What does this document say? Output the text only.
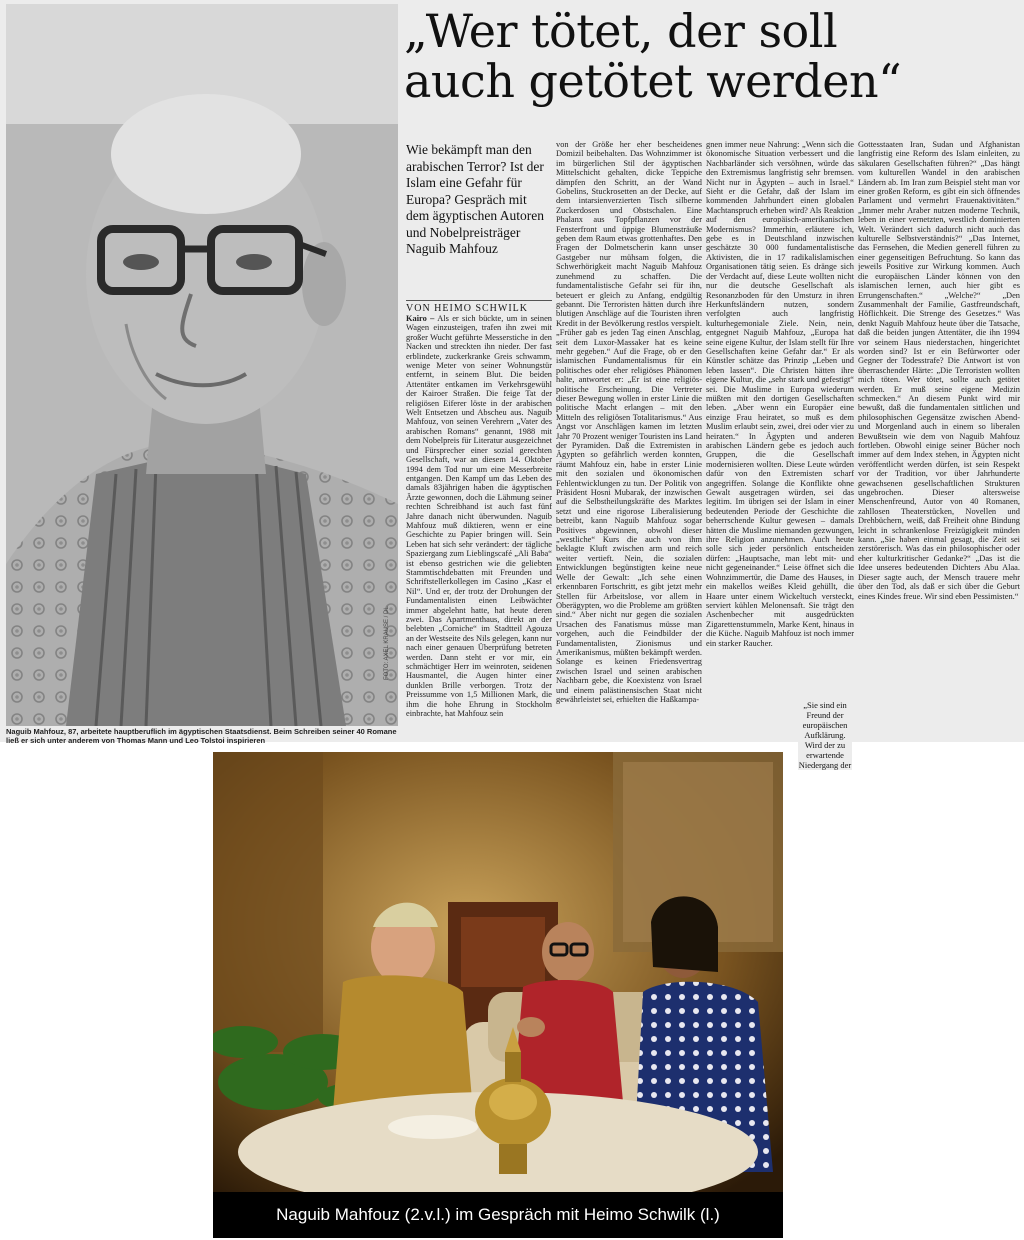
FOTO: AXEL KRAUSE / DL
Naguib Mahfouz, 87, arbeitete hauptberuflich im ägyptischen Staatsdienst. Beim Schreiben seiner 40 Romane ließ er sich unter anderem von Thomas Mann und Leo Tolstoi inspirieren
„Wer tötet, der soll
auch getötet werden“
Wie bekämpft man den arabischen Terror? Ist der Islam eine Gefahr für Europa? Gespräch mit dem ägyptischen Autoren und Nobelpreisträger Naguib Mahfouz
VON HEIMO SCHWILK
Kairo – Als er sich bückte, um in seinen Wagen einzusteigen, trafen ihn zwei mit großer Wucht geführte Messerstiche in den Nacken und streckten ihn nieder. Der fast erblindete, zuckerkranke Greis schwamm, wenige Meter von seiner Wohnungstür entfernt, in seinem Blut. Die beiden Attentäter entkamen im Verkehrsgewühl der Kairoer Straßen. Die feige Tat der religiösen Eiferer löste in der arabischen Welt Entsetzen und Abscheu aus. Naguib Mahfouz, von seinen Verehrern „Vater des arabischen Romans“ genannt, 1988 mit dem Nobelpreis für Literatur ausgezeichnet und Fürsprecher einer sozial gerechten Gesellschaft, war an diesem 14. Oktober 1994 dem Tod nur um eine Messerbreite entgangen. Den Kampf um das Leben des damals 83jährigen haben die ägyptischen Ärzte gewonnen, doch die Lähmung seiner rechten Schreibhand ist auch fast fünf Jahre danach nicht überwunden. Naguib Mahfouz muß diktieren, wenn er eine Geschichte zu Papier bringen will. Sein Leben hat sich sehr verändert: der tägliche Spaziergang zum Lieblingscafé „Ali Baba“ ist ebenso gestrichen wie die geliebten Stammtischdebatten mit Freunden und Schriftstellerkollegen im Casino „Kasr el Nil“. Und er, der trotz der Drohungen der Fundamentalisten einen Leibwächter immer abgelehnt hatte, hat heute deren zwei. Das Apartmenthaus, direkt an der belebten „Corniche“ im Stadtteil Agouza an der Westseite des Nils gelegen, kann nur nach einer genauen Überprüfung betreten werden. Dann steht er vor mir, ein schmächtiger Herr im weinroten, seidenen Hausmantel, die Augen hinter einer dunklen Brille verborgen. Trotz der Preissumme von 1,5 Millionen Mark, die ihm die hohe Ehrung in Stockholm einbrachte, hat Mahfouz sein
von der Größe her eher bescheidenes Domizil beibehalten. Das Wohnzimmer ist im bürgerlichen Stil der ägyptischen Mittelschicht gehalten, dicke Teppiche dämpfen den Schritt, an der Wand Gobelins, Stuckrosetten an der Decke, auf dem intarsienverzierten Tisch silberne Zuckerdosen und Obstschalen. Eine Phalanx aus Topfpflanzen vor der Fensterfront und üppige Blumensträuße geben dem Raum etwas grottenhaftes. Den Fragen der Dolmetscherin kann unser Gastgeber nur mühsam folgen, die Schwerhörigkeit macht Naguib Mahfouz zunehmend zu schaffen. Die fundamentalistische Gefahr sei für ihn, beteuert er gleich zu Anfang, endgültig gebannt. Die Terroristen hätten durch ihre blutigen Anschläge auf die Touristen ihren Kredit in der Bevölkerung restlos verspielt. „Früher gab es jeden Tag einen Anschlag, seit dem Luxor-Massaker hat es keine mehr gegeben.“ Auf die Frage, ob er den islamischen Fundamentalismus für ein politisches oder eher religiöses Phänomen halte, antwortet er: „Er ist eine religiös-politische Erscheinung. Die Vertreter dieser Bewegung wollen in erster Linie die politische Macht erlangen – mit den Mitteln des religiösen Totalitarismus.“ Aus Angst vor Anschlägen kamen im letzten Jahr 70 Prozent weniger Touristen ins Land der Pyramiden. Daß die Extremisten in Ägypten so gefährlich werden konnten, räumt Mahfouz ein, habe in erster Linie mit den sozialen und ökonomischen Fehlentwicklungen zu tun. Der Politik von Präsident Hosni Mubarak, der inzwischen auf die Selbstheilungskräfte des Marktes setzt und eine rigorose Liberalisierung betreibt, kann Naguib Mahfouz sogar Positives abgewinnen, obwohl dieser „westliche“ Kurs die auch von ihm beklagte Kluft zwischen arm und reich weiter vertieft. Nein, die sozialen Entwicklungen begünstigten keine neue Welle der Gewalt: „Ich sehe einen erkennbaren Fortschritt, es gibt jetzt mehr Stellen für Arbeitslose, vor allem in Oberägypten, wo die Probleme am größten sind.“ Aber nicht nur gegen die sozialen Ursachen des Fanatismus müsse man vorgehen, auch die Feindbilder der Fundamentalisten, Zionismus und Amerikanismus, müßten bekämpft werden. Solange es keinen Friedensvertrag zwischen Israel und seinen arabischen Nachbarn gebe, die Koexistenz von Israel und einem palästinensischen Staat nicht gewährleistet sei, erhielten die Haßkampa-
gnen immer neue Nahrung: „Wenn sich die ökonomische Situation verbessert und die Nachbarländer sich versöhnen, würde das den Extremismus langfristig sehr bremsen. Nicht nur in Ägypten – auch in Israel.“ Sieht er die Gefahr, daß der Islam im kommenden Jahrhundert einen globalen Machtanspruch erheben wird? Als Reaktion auf den europäisch-amerikanischen Modernismus? Immerhin, erläutere ich, gebe es in Deutschland inzwischen geschätzte 30 000 fundamentalistische Aktivisten, die in 17 radikalislamischen Organisationen tätig seien. Es dränge sich der Verdacht auf, diese Leute wollten nicht nur die deutsche Gesellschaft als Resonanzboden für den Umsturz in ihren Herkunftsländern nutzen, sondern verfolgten auch langfristig kulturhegemoniale Ziele. Nein, nein, entgegnet Naguib Mahfouz, „Europa hat seine eigene Kultur, der Islam stellt für Ihre Gesellschaften keine Gefahr dar.“ Er als Künstler schätze das Prinzip „Leben und leben lassen“. Die Christen hätten ihre eigene Kultur, die „sehr stark und gefestigt“ sei. Die Muslime in Europa wiederum müßten mit den dortigen Gesellschaften leben. „Aber wenn ein Europäer eine einzige Frau heiratet, so muß es dem Muslim erlaubt sein, zwei, drei oder vier zu heiraten.“ In Ägypten und anderen arabischen Ländern gebe es jedoch auch Gruppen, die die Gesellschaft modernisieren wollten. Diese Leute würden dafür von den Extremisten scharf angegriffen. Solange die Konflikte ohne Gewalt ausgetragen würden, sei das legitim. Im übrigen sei der Islam in einer bedeutenden Periode der Geschichte die beherrschende Kultur gewesen – damals hätten die Muslime niemanden gezwungen, ihre Religion anzunehmen. Auch heute solle sich jeder persönlich entscheiden dürfen: „Hauptsache, man lebt mit- und nicht gegeneinander.“ Leise öffnet sich die Wohnzimmertür, die Dame des Hauses, in ein makellos weißes Kleid gehüllt, die Haare unter einem Wickeltuch versteckt, serviert kühlen Melonensaft. Sie trägt den Aschenbecher mit ausgedrückten Zigarettenstummeln, Marke Kent, hinaus in die Küche. Naguib Mahfouz ist noch immer ein starker Raucher.
„Sie sind ein Freund der europäischen Aufklärung. Wird der zu erwartende Niedergang der
Gottesstaaten Iran, Sudan und Afghanistan langfristig eine Reform des Islam einleiten, zu säkularen Gesellschaften führen?“ „Das hängt vom kulturellen Wandel in den arabischen Ländern ab. Im Iran zum Beispiel steht man vor einer großen Reform, es gibt ein sich öffnendes Parlament und vermehrt Frauenaktivitäten.“ „Immer mehr Araber nutzen moderne Technik, leben in einer vernetzten, westlich dominierten Welt. Verändert sich dadurch nicht auch das kulturelle Selbstverständnis?“ „Das Internet, das Fernsehen, die Medien generell führen zu einer gegenseitigen Befruchtung. So kann das jeweils Positive zur Wirkung kommen. Auch die europäischen Länder können von den islamischen lernen, auch hier gibt es Errungenschaften.“ „Welche?“ „Den Zusammenhalt der Familie, Gastfreundschaft, Höflichkeit. Die Strenge des Gesetzes.“ Was denkt Naguib Mahfouz heute über die Tatsache, daß die beiden jungen Attentäter, die ihn 1994 vor seinem Haus niederstachen, hingerichtet worden sind? Ist er ein Befürworter oder Gegner der Todesstrafe? Die Antwort ist von überraschender Härte: „Die Terroristen wollten mich töten. Wer tötet, sollte auch getötet werden. Er muß seine eigene Medizin schmecken.“ An diesem Punkt wird mir bewußt, daß die fundamentalen sittlichen und philosophischen Gegensätze zwischen Abend- und Morgenland auch in einem so liberalen Bewußtsein wie dem von Naguib Mahfouz fortleben. Obwohl einige seiner Bücher noch immer auf dem Index stehen, in Ägypten nicht veröffentlicht werden dürfen, ist sein Respekt vor der Tradition, vor über Jahrhunderte gewachsenen gesellschaftlichen Strukturen ungebrochen. Dieser altersweise Menschenfreund, Autor von 40 Romanen, zahllosen Theaterstücken, Novellen und Drehbüchern, weiß, daß Freiheit ohne Bindung leicht in schrankenlose Freizügigkeit münden kann. „Sie haben einmal gesagt, die Zeit sei zerstörerisch. Was das ein philosophischer oder eher kulturkritischer Gedanke?“ „Das ist die Idee unseres bedeutenden Dichters Abu Alaa. Dieser sagte auch, der Mensch trauere mehr über den Tod, als daß er sich über die Geburt eines Kindes freue. Wir sind eben Pessimisten.“
Naguib Mahfouz (2.v.l.) im Gespräch mit Heimo Schwilk (l.)
